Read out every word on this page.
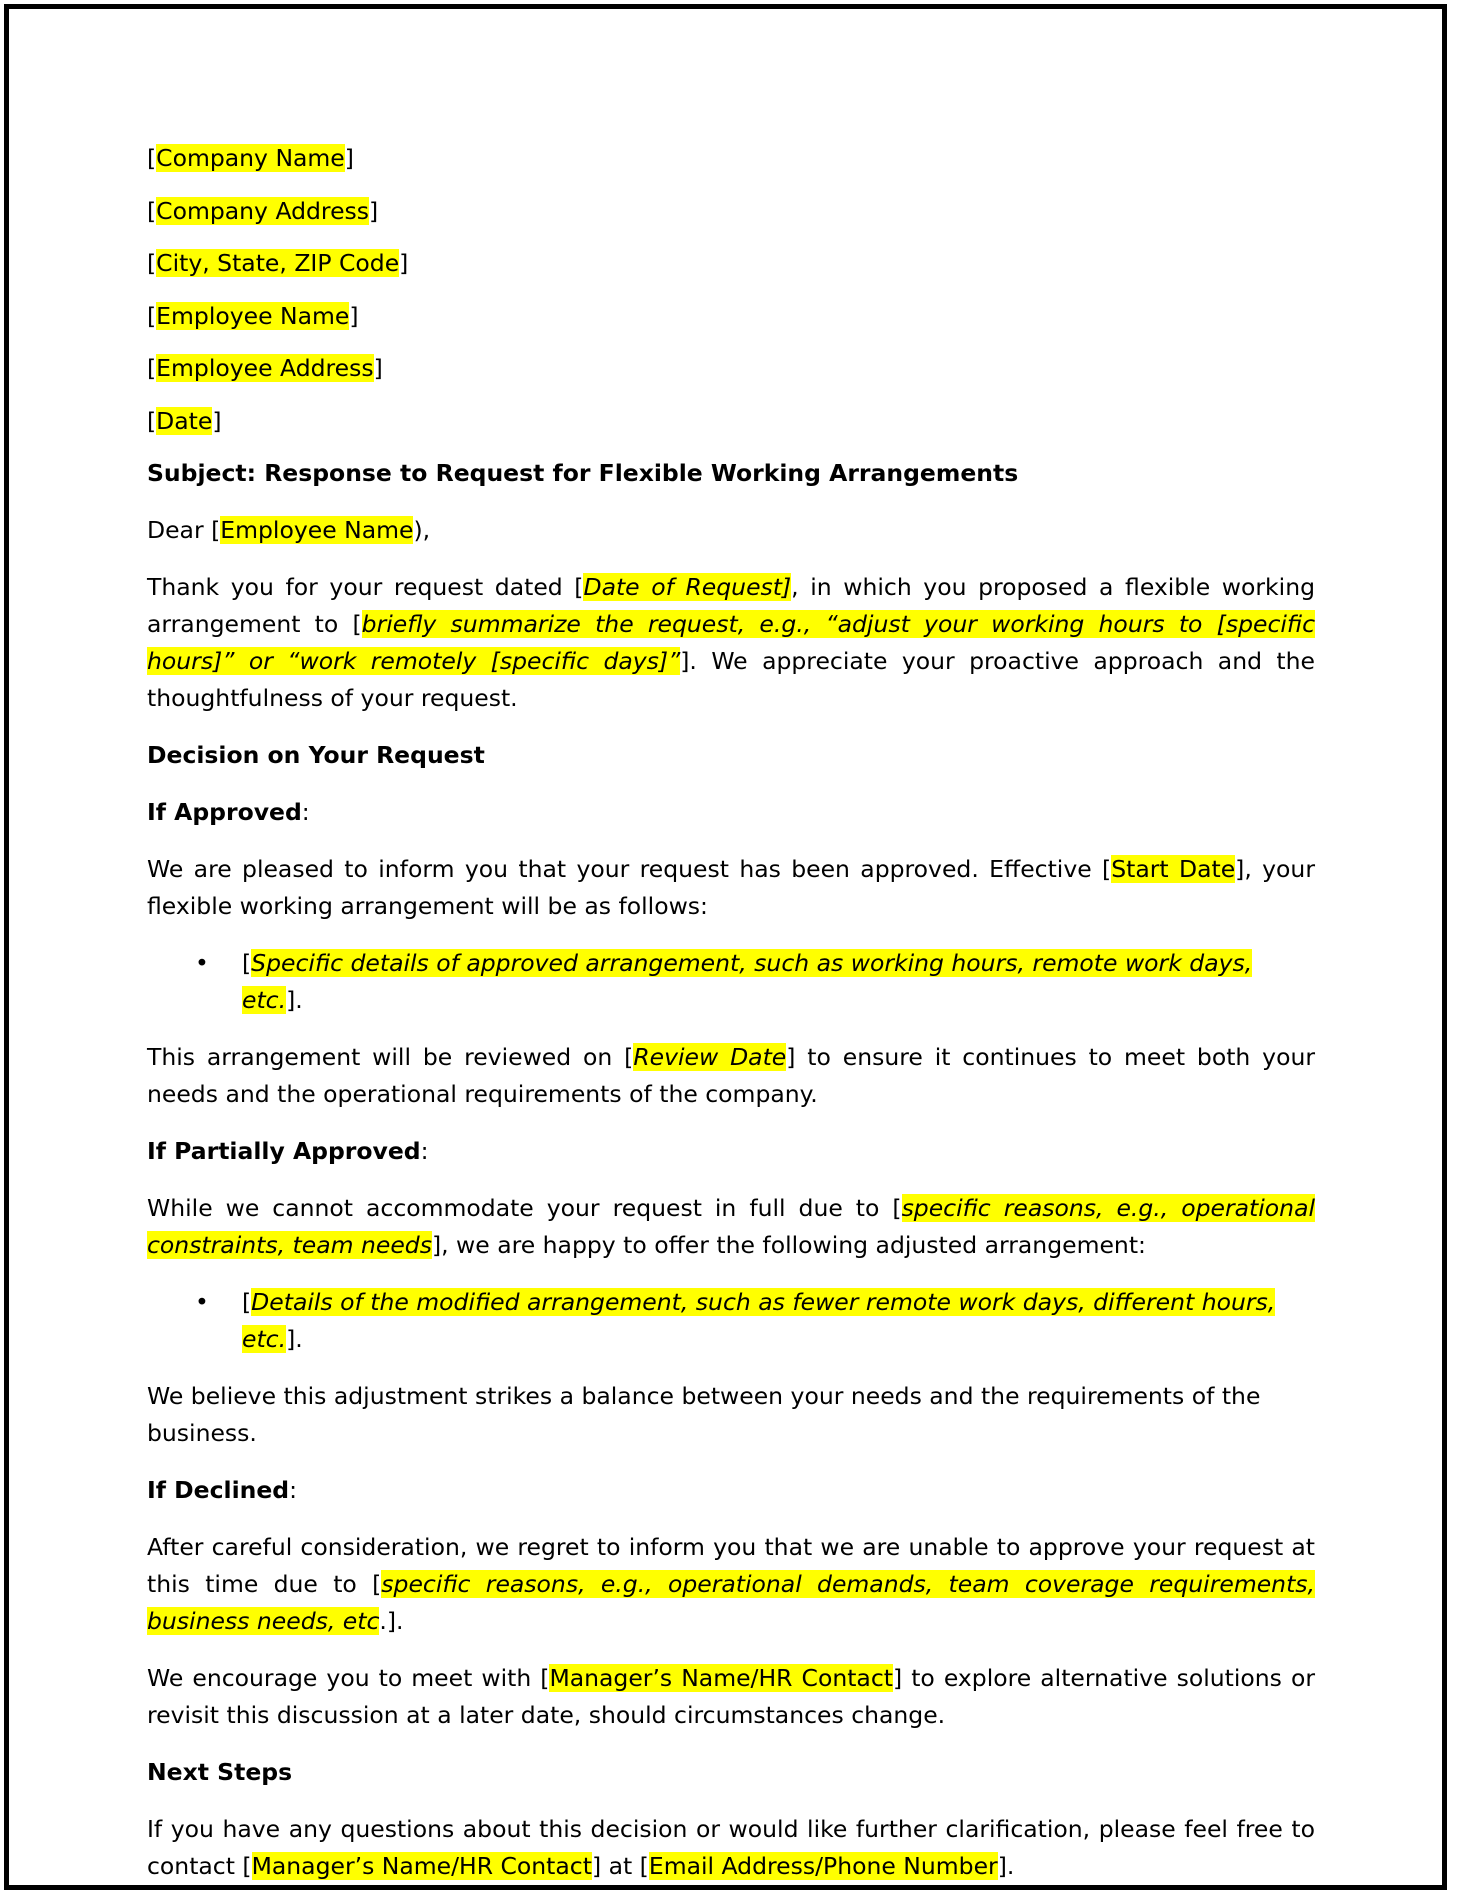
[Company Name]

[Company Address]

[City, State, ZIP Code]

[Employee Name]

[Employee Address]

[Date]

Subject: Response to Request for Flexible Working Arrangements

Dear [Employee Name),

Thank you for your request dated [Date of Request], in which you proposed a flexible working arrangement to [briefly summarize the request, e.g., “adjust your working hours to [specific hours]” or “work remotely [specific days]”]. We appreciate your proactive approach and the thoughtfulness of your request.

Decision on Your Request

If Approved:

We are pleased to inform you that your request has been approved. Effective [Start Date], your flexible working arrangement will be as follows:

• [Specific details of approved arrangement, such as working hours, remote work days, etc.].

This arrangement will be reviewed on [Review Date] to ensure it continues to meet both your needs and the operational requirements of the company.

If Partially Approved:

While we cannot accommodate your request in full due to [specific reasons, e.g., operational constraints, team needs], we are happy to offer the following adjusted arrangement:

• [Details of the modified arrangement, such as fewer remote work days, different hours, etc.].

We believe this adjustment strikes a balance between your needs and the requirements of the business.

If Declined:

After careful consideration, we regret to inform you that we are unable to approve your request at this time due to [specific reasons, e.g., operational demands, team coverage requirements, business needs, etc.].

We encourage you to meet with [Manager’s Name/HR Contact] to explore alternative solutions or revisit this discussion at a later date, should circumstances change.

Next Steps

If you have any questions about this decision or would like further clarification, please feel free to contact [Manager’s Name/HR Contact] at [Email Address/Phone Number].
